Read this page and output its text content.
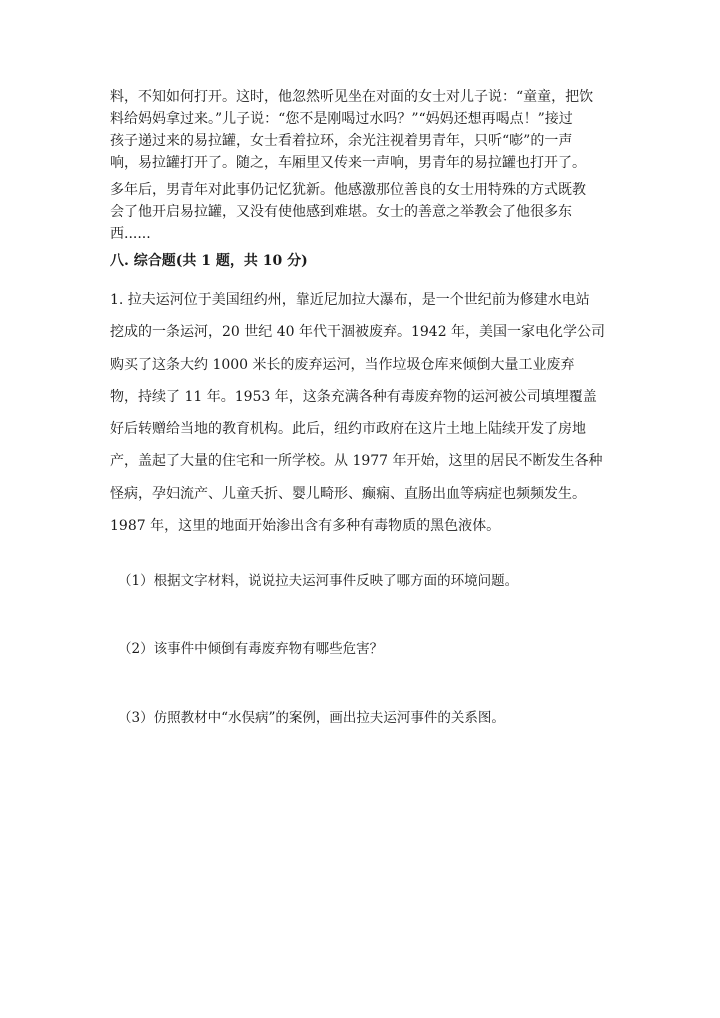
料，不知如何打开。这时，他忽然听见坐在对面的女士对儿子说：“童童，把饮
料给妈妈拿过来。”儿子说：“您不是刚喝过水吗？”“妈妈还想再喝点！”接过
孩子递过来的易拉罐，女士看着拉环，余光注视着男青年，只听“嘭”的一声
响，易拉罐打开了。随之，车厢里又传来一声响，男青年的易拉罐也打开了。
多年后，男青年对此事仍记忆犹新。他感激那位善良的女士用特殊的方式既教
会了他开启易拉罐，又没有使他感到难堪。女士的善意之举教会了他很多东
西......
八. 综合题(共 1 题，共 10 分)
1. 拉夫运河位于美国纽约州，靠近尼加拉大瀑布，是一个世纪前为修建水电站
挖成的一条运河，20 世纪 40 年代干涸被废弃。1942 年，美国一家电化学公司
购买了这条大约 1000 米长的废弃运河，当作垃圾仓库来倾倒大量工业废弃
物，持续了 11 年。1953 年，这条充满各种有毒废弃物的运河被公司填埋覆盖
好后转赠给当地的教育机构。此后，纽约市政府在这片土地上陆续开发了房地
产，盖起了大量的住宅和一所学校。从 1977 年开始，这里的居民不断发生各种
怪病，孕妇流产、儿童夭折、婴儿畸形、癫痫、直肠出血等病症也频频发生。
1987 年，这里的地面开始渗出含有多种有毒物质的黑色液体。

（1）根据文字材料，说说拉夫运河事件反映了哪方面的环境问题。

（2）该事件中倾倒有毒废弃物有哪些危害？

（3）仿照教材中“水俣病”的案例，画出拉夫运河事件的关系图。
